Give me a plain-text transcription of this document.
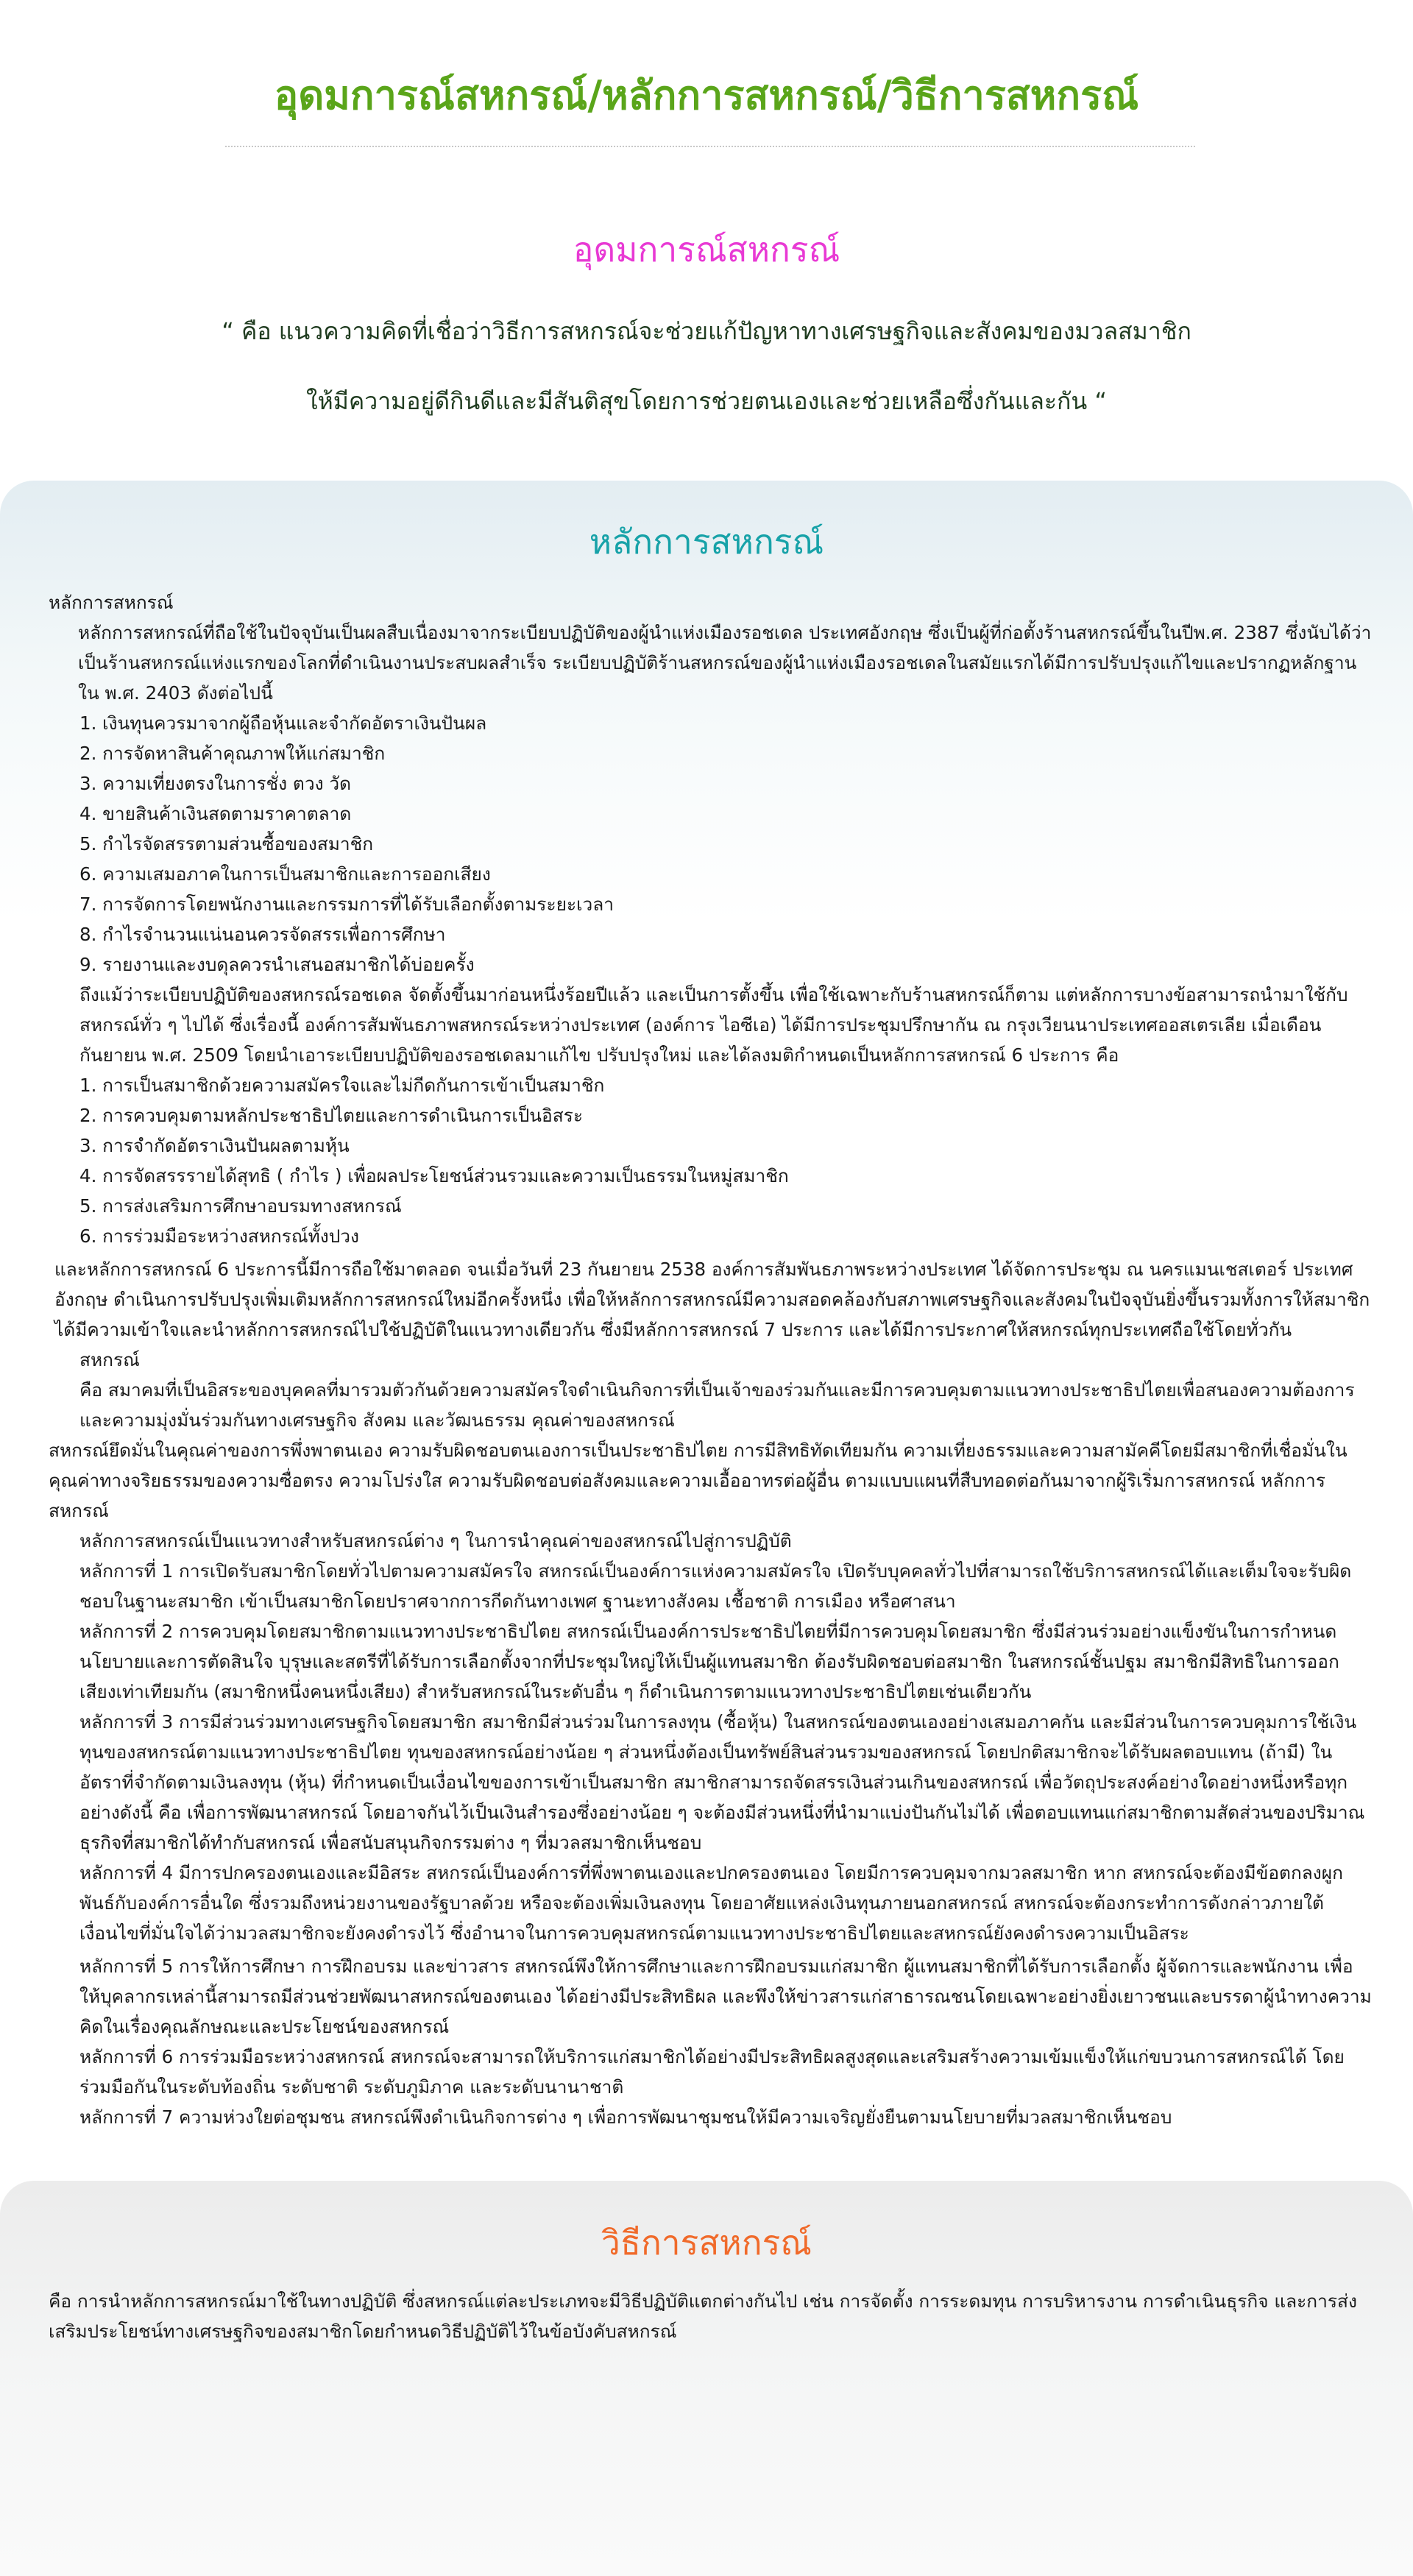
อุดมการณ์สหกรณ์/หลักการสหกรณ์/วิธีการสหกรณ์
อุดมการณ์สหกรณ์

“ คือ แนวความคิดที่เชื่อว่าวิธีการสหกรณ์จะช่วยแก้ปัญหาทางเศรษฐกิจและสังคมของมวลสมาชิก

ให้มีความอยู่ดีกินดีและมีสันติสุขโดยการช่วยตนเองและช่วยเหลือซึ่งกันและกัน “

หลักการสหกรณ์

หลักการสหกรณ์

หลักการสหกรณ์ที่ถือใช้ในปัจจุบันเป็นผลสืบเนื่องมาจากระเบียบปฏิบัติของผู้นำแห่งเมืองรอชเดล ประเทศอังกฤษ ซึ่งเป็นผู้ที่ก่อตั้งร้านสหกรณ์ขึ้นในปีพ.ศ. 2387 ซึ่งนับได้ว่าเป็นร้านสหกรณ์แห่งแรกของโลกที่ดำเนินงานประสบผลสำเร็จ ระเบียบปฏิบัติร้านสหกรณ์ของผู้นำแห่งเมืองรอชเดลในสมัยแรกได้มีการปรับปรุงแก้ไขและปรากฏหลักฐานใน พ.ศ. 2403 ดังต่อไปนี้

1. เงินทุนควรมาจากผู้ถือหุ้นและจำกัดอัตราเงินปันผล
2. การจัดหาสินค้าคุณภาพให้แก่สมาชิก
3. ความเที่ยงตรงในการชั่ง ตวง วัด
4. ขายสินค้าเงินสดตามราคาตลาด
5. กำไรจัดสรรตามส่วนซื้อของสมาชิก
6. ความเสมอภาคในการเป็นสมาชิกและการออกเสียง
7. การจัดการโดยพนักงานและกรรมการที่ได้รับเลือกตั้งตามระยะเวลา
8. กำไรจำนวนแน่นอนควรจัดสรรเพื่อการศึกษา
9. รายงานและงบดุลควรนำเสนอสมาชิกได้บ่อยครั้ง

ถึงแม้ว่าระเบียบปฏิบัติของสหกรณ์รอชเดล จัดตั้งขึ้นมาก่อนหนึ่งร้อยปีแล้ว และเป็นการตั้งขึ้น เพื่อใช้เฉพาะกับร้านสหกรณ์ก็ตาม แต่หลักการบางข้อสามารถนำมาใช้กับสหกรณ์ทั่ว ๆ ไปได้ ซึ่งเรื่องนี้ องค์การสัมพันธภาพสหกรณ์ระหว่างประเทศ (องค์การ ไอซีเอ) ได้มีการประชุมปรึกษากัน ณ กรุงเวียนนาประเทศออสเตรเลีย เมื่อเดือนกันยายน พ.ศ. 2509 โดยนำเอาระเบียบปฏิบัติของรอชเดลมาแก้ไข ปรับปรุงใหม่ และได้ลงมติกำหนดเป็นหลักการสหกรณ์ 6 ประการ คือ

1. การเป็นสมาชิกด้วยความสมัครใจและไม่กีดกันการเข้าเป็นสมาชิก
2. การควบคุมตามหลักประชาธิปไตยและการดำเนินการเป็นอิสระ
3. การจำกัดอัตราเงินปันผลตามหุ้น
4. การจัดสรรรายได้สุทธิ ( กำไร ) เพื่อผลประโยชน์ส่วนรวมและความเป็นธรรมในหมู่สมาชิก
5. การส่งเสริมการศึกษาอบรมทางสหกรณ์
6. การร่วมมือระหว่างสหกรณ์ทั้งปวง

และหลักการสหกรณ์ 6 ประการนี้มีการถือใช้มาตลอด จนเมื่อวันที่ 23 กันยายน 2538 องค์การสัมพันธภาพระหว่างประเทศ ได้จัดการประชุม ณ นครแมนเชสเตอร์ ประเทศอังกฤษ ดำเนินการปรับปรุงเพิ่มเติมหลักการสหกรณ์ใหม่อีกครั้งหนึ่ง เพื่อให้หลักการสหกรณ์มีความสอดคล้องกับสภาพเศรษฐกิจและสังคมในปัจจุบันยิ่งขึ้นรวมทั้งการให้สมาชิกได้มีความเข้าใจและนำหลักการสหกรณ์ไปใช้ปฏิบัติในแนวทางเดียวกัน ซึ่งมีหลักการสหกรณ์ 7 ประการ และได้มีการประกาศให้สหกรณ์ทุกประเทศถือใช้โดยทั่วกัน

สหกรณ์

คือ สมาคมที่เป็นอิสระของบุคคลที่มารวมตัวกันด้วยความสมัครใจดำเนินกิจการที่เป็นเจ้าของร่วมกันและมีการควบคุมตามแนวทางประชาธิปไตยเพื่อสนองความต้องการและความมุ่งมั่นร่วมกันทางเศรษฐกิจ สังคม และวัฒนธรรม คุณค่าของสหกรณ์

สหกรณ์ยึดมั่นในคุณค่าของการพึ่งพาตนเอง ความรับผิดชอบตนเองการเป็นประชาธิปไตย การมีสิทธิทัดเทียมกัน ความเที่ยงธรรมและความสามัคคีโดยมีสมาชิกที่เชื่อมั่นในคุณค่าทางจริยธรรมของความซื่อตรง ความโปร่งใส ความรับผิดชอบต่อสังคมและความเอื้ออาทรต่อผู้อื่น ตามแบบแผนที่สืบทอดต่อกันมาจากผู้ริเริ่มการสหกรณ์ หลักการสหกรณ์

หลักการสหกรณ์เป็นแนวทางสำหรับสหกรณ์ต่าง ๆ ในการนำคุณค่าของสหกรณ์ไปสู่การปฏิบัติ

หลักการที่ 1 การเปิดรับสมาชิกโดยทั่วไปตามความสมัครใจ สหกรณ์เป็นองค์การแห่งความสมัครใจ เปิดรับบุคคลทั่วไปที่สามารถใช้บริการสหกรณ์ได้และเต็มใจจะรับผิดชอบในฐานะสมาชิก เข้าเป็นสมาชิกโดยปราศจากการกีดกันทางเพศ ฐานะทางสังคม เชื้อชาติ การเมือง หรือศาสนา

หลักการที่ 2 การควบคุมโดยสมาชิกตามแนวทางประชาธิปไตย สหกรณ์เป็นองค์การประชาธิปไตยที่มีการควบคุมโดยสมาชิก ซึ่งมีส่วนร่วมอย่างแข็งขันในการกำหนดนโยบายและการตัดสินใจ บุรุษและสตรีที่ได้รับการเลือกตั้งจากที่ประชุมใหญ่ให้เป็นผู้แทนสมาชิก ต้องรับผิดชอบต่อสมาชิก ในสหกรณ์ชั้นปฐม สมาชิกมีสิทธิในการออกเสียงเท่าเทียมกัน (สมาชิกหนึ่งคนหนึ่งเสียง) สำหรับสหกรณ์ในระดับอื่น ๆ ก็ดำเนินการตามแนวทางประชาธิปไตยเช่นเดียวกัน

หลักการที่ 3 การมีส่วนร่วมทางเศรษฐกิจโดยสมาชิก สมาชิกมีส่วนร่วมในการลงทุน (ซื้อหุ้น) ในสหกรณ์ของตนเองอย่างเสมอภาคกัน และมีส่วนในการควบคุมการใช้เงินทุนของสหกรณ์ตามแนวทางประชาธิปไตย ทุนของสหกรณ์อย่างน้อย ๆ ส่วนหนึ่งต้องเป็นทรัพย์สินส่วนรวมของสหกรณ์ โดยปกติสมาชิกจะได้รับผลตอบแทน (ถ้ามี) ในอัตราที่จำกัดตามเงินลงทุน (หุ้น) ที่กำหนดเป็นเงื่อนไขของการเข้าเป็นสมาชิก สมาชิกสามารถจัดสรรเงินส่วนเกินของสหกรณ์ เพื่อวัตถุประสงค์อย่างใดอย่างหนึ่งหรือทุกอย่างดังนี้ คือ เพื่อการพัฒนาสหกรณ์ โดยอาจกันไว้เป็นเงินสำรองซึ่งอย่างน้อย ๆ จะต้องมีส่วนหนึ่งที่นำมาแบ่งปันกันไม่ได้ เพื่อตอบแทนแก่สมาชิกตามสัดส่วนของปริมาณธุรกิจที่สมาชิกได้ทำกับสหกรณ์ เพื่อสนับสนุนกิจกรรมต่าง ๆ ที่มวลสมาชิกเห็นชอบ

หลักการที่ 4 มีการปกครองตนเองและมีอิสระ สหกรณ์เป็นองค์การที่พึ่งพาตนเองและปกครองตนเอง โดยมีการควบคุมจากมวลสมาชิก หาก สหกรณ์จะต้องมีข้อตกลงผูกพันธ์กับองค์การอื่นใด ซึ่งรวมถึงหน่วยงานของรัฐบาลด้วย หรือจะต้องเพิ่มเงินลงทุน โดยอาศัยแหล่งเงินทุนภายนอกสหกรณ์ สหกรณ์จะต้องกระทำการดังกล่าวภายใต้เงื่อนไขที่มั่นใจได้ว่ามวลสมาชิกจะยังคงดำรงไว้ ซึ่งอำนาจในการควบคุมสหกรณ์ตามแนวทางประชาธิปไตยและสหกรณ์ยังคงดำรงความเป็นอิสระ

หลักการที่ 5 การให้การศึกษา การฝึกอบรม และข่าวสาร สหกรณ์พึงให้การศึกษาและการฝึกอบรมแก่สมาชิก ผู้แทนสมาชิกที่ได้รับการเลือกตั้ง ผู้จัดการและพนักงาน เพื่อให้บุคลากรเหล่านี้สามารถมีส่วนช่วยพัฒนาสหกรณ์ของตนเอง ได้อย่างมีประสิทธิผล และพึงให้ข่าวสารแก่สาธารณชนโดยเฉพาะอย่างยิ่งเยาวชนและบรรดาผู้นำทางความคิดในเรื่องคุณลักษณะและประโยชน์ของสหกรณ์

หลักการที่ 6 การร่วมมือระหว่างสหกรณ์ สหกรณ์จะสามารถให้บริการแก่สมาชิกได้อย่างมีประสิทธิผลสูงสุดและเสริมสร้างความเข้มแข็งให้แก่ขบวนการสหกรณ์ได้ โดยร่วมมือกันในระดับท้องถิ่น ระดับชาติ ระดับภูมิภาค และระดับนานาชาติ

หลักการที่ 7 ความห่วงใยต่อชุมชน สหกรณ์พึงดำเนินกิจการต่าง ๆ เพื่อการพัฒนาชุมชนให้มีความเจริญยั่งยืนตามนโยบายที่มวลสมาชิกเห็นชอบ

วิธีการสหกรณ์

คือ การนำหลักการสหกรณ์มาใช้ในทางปฏิบัติ ซึ่งสหกรณ์แต่ละประเภทจะมีวิธีปฏิบัติแตกต่างกันไป เช่น การจัดตั้ง การระดมทุน การบริหารงาน การดำเนินธุรกิจ และการส่งเสริมประโยชน์ทางเศรษฐกิจของสมาชิกโดยกำหนดวิธีปฏิบัติไว้ในข้อบังคับสหกรณ์
